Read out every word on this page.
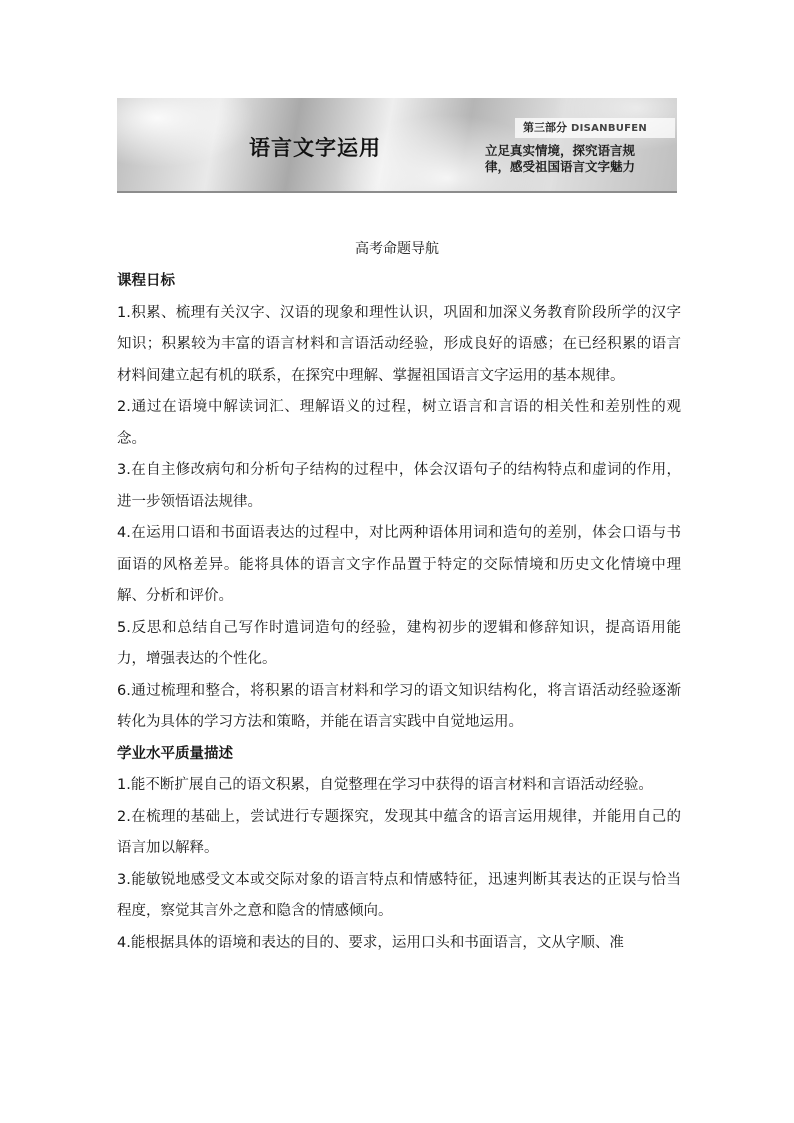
语言文字运用
第三部分 DISANBUFEN
立足真实情境，探究语言规
律，感受祖国语言文字魅力
高考命题导航
课程日标
1.积累、梳理有关汉字、汉语的现象和理性认识，巩固和加深义务教育阶段所学的汉字知识；积累较为丰富的语言材料和言语活动经验，形成良好的语感；在已经积累的语言材料间建立起有机的联系，在探究中理解、掌握祖国语言文字运用的基本规律。
2.通过在语境中解读词汇、理解语义的过程，树立语言和言语的相关性和差别性的观念。
3.在自主修改病句和分析句子结构的过程中，体会汉语句子的结构特点和虚词的作用，进一步领悟语法规律。
4.在运用口语和书面语表达的过程中，对比两种语体用词和造句的差别，体会口语与书面语的风格差异。能将具体的语言文字作品置于特定的交际情境和历史文化情境中理解、分析和评价。
5.反思和总结自己写作时遣词造句的经验，建构初步的逻辑和修辞知识，提高语用能力，增强表达的个性化。
6.通过梳理和整合，将积累的语言材料和学习的语文知识结构化，将言语活动经验逐渐转化为具体的学习方法和策略，并能在语言实践中自觉地运用。
学业水平质量描述
1.能不断扩展自己的语文积累，自觉整理在学习中获得的语言材料和言语活动经验。
2.在梳理的基础上，尝试进行专题探究，发现其中蕴含的语言运用规律，并能用自己的语言加以解释。
3.能敏锐地感受文本或交际对象的语言特点和情感特征，迅速判断其表达的正误与恰当程度，察觉其言外之意和隐含的情感倾向。
4.能根据具体的语境和表达的目的、要求，运用口头和书面语言，文从字顺、准
